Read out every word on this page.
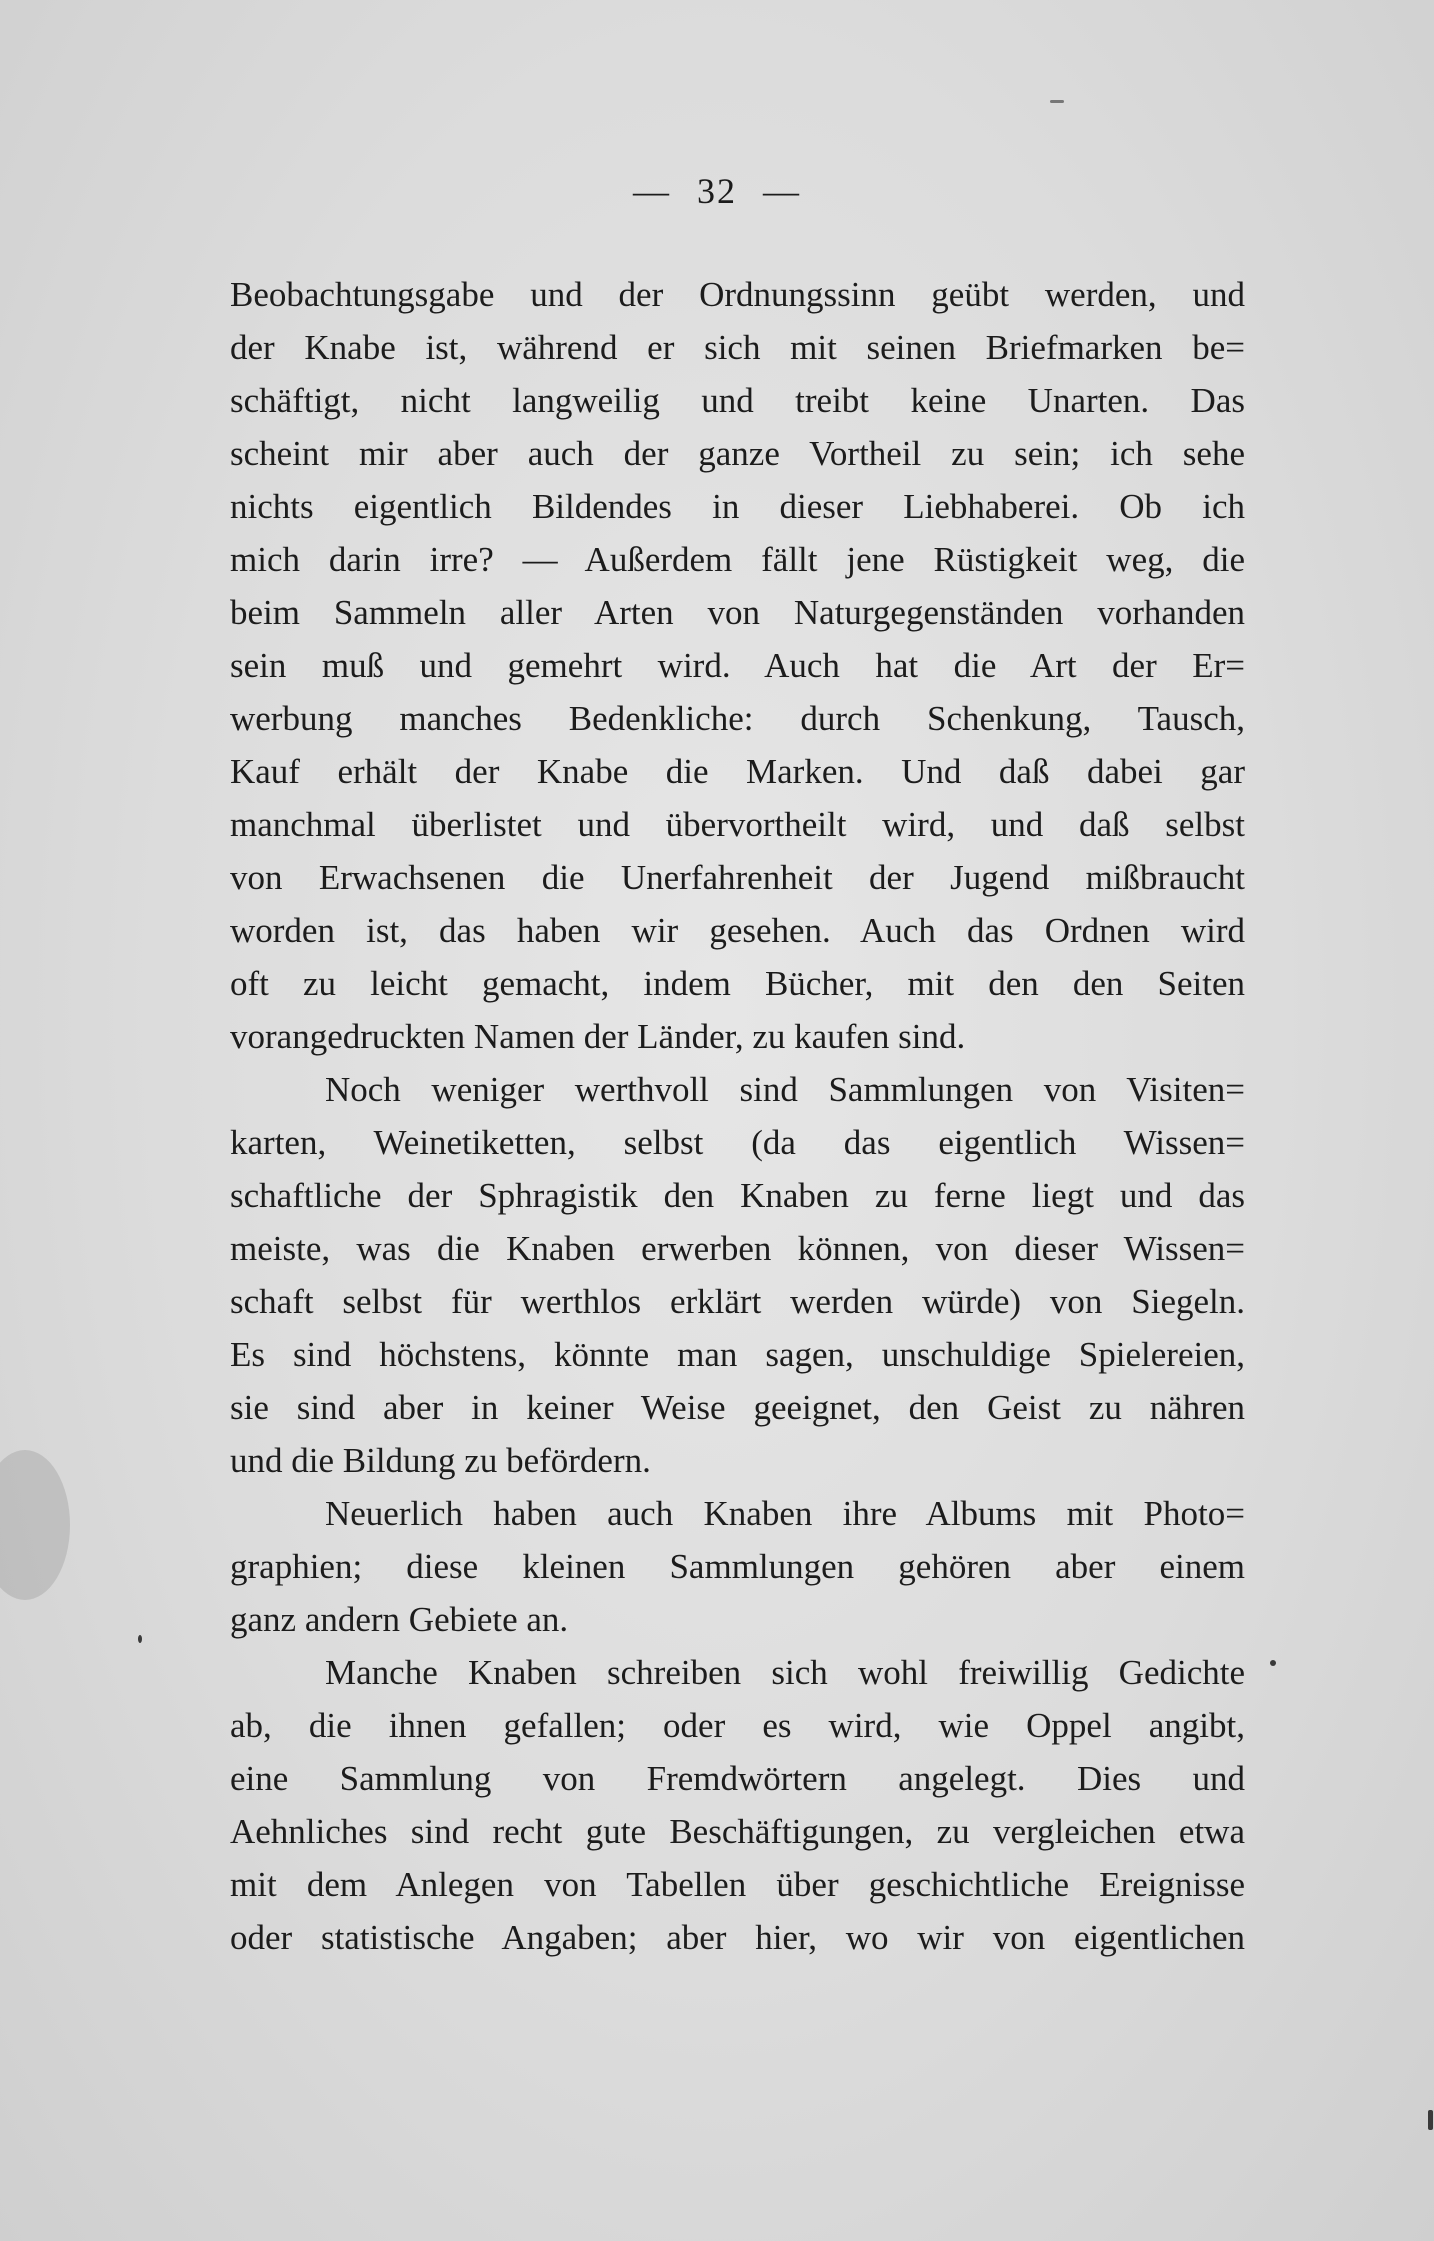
— 32 —
Beobachtungsgabe und der Ordnungssinn geübt werden, und
der Knabe ist, während er sich mit seinen Briefmarken be=
schäftigt, nicht langweilig und treibt keine Unarten. Das
scheint mir aber auch der ganze Vortheil zu sein; ich sehe
nichts eigentlich Bildendes in dieser Liebhaberei. Ob ich
mich darin irre? — Außerdem fällt jene Rüstigkeit weg, die
beim Sammeln aller Arten von Naturgegenständen vorhanden
sein muß und gemehrt wird. Auch hat die Art der Er=
werbung manches Bedenkliche: durch Schenkung, Tausch,
Kauf erhält der Knabe die Marken. Und daß dabei gar
manchmal überlistet und übervortheilt wird, und daß selbst
von Erwachsenen die Unerfahrenheit der Jugend mißbraucht
worden ist, das haben wir gesehen. Auch das Ordnen wird
oft zu leicht gemacht, indem Bücher, mit den den Seiten
vorangedruckten Namen der Länder, zu kaufen sind.
Noch weniger werthvoll sind Sammlungen von Visiten=
karten, Weinetiketten, selbst (da das eigentlich Wissen=
schaftliche der Sphragistik den Knaben zu ferne liegt und das
meiste, was die Knaben erwerben können, von dieser Wissen=
schaft selbst für werthlos erklärt werden würde) von Siegeln.
Es sind höchstens, könnte man sagen, unschuldige Spielereien,
sie sind aber in keiner Weise geeignet, den Geist zu nähren
und die Bildung zu befördern.
Neuerlich haben auch Knaben ihre Albums mit Photo=
graphien; diese kleinen Sammlungen gehören aber einem
ganz andern Gebiete an.
Manche Knaben schreiben sich wohl freiwillig Gedichte
ab, die ihnen gefallen; oder es wird, wie Oppel angibt,
eine Sammlung von Fremdwörtern angelegt. Dies und
Aehnliches sind recht gute Beschäftigungen, zu vergleichen etwa
mit dem Anlegen von Tabellen über geschichtliche Ereignisse
oder statistische Angaben; aber hier, wo wir von eigentlichen
